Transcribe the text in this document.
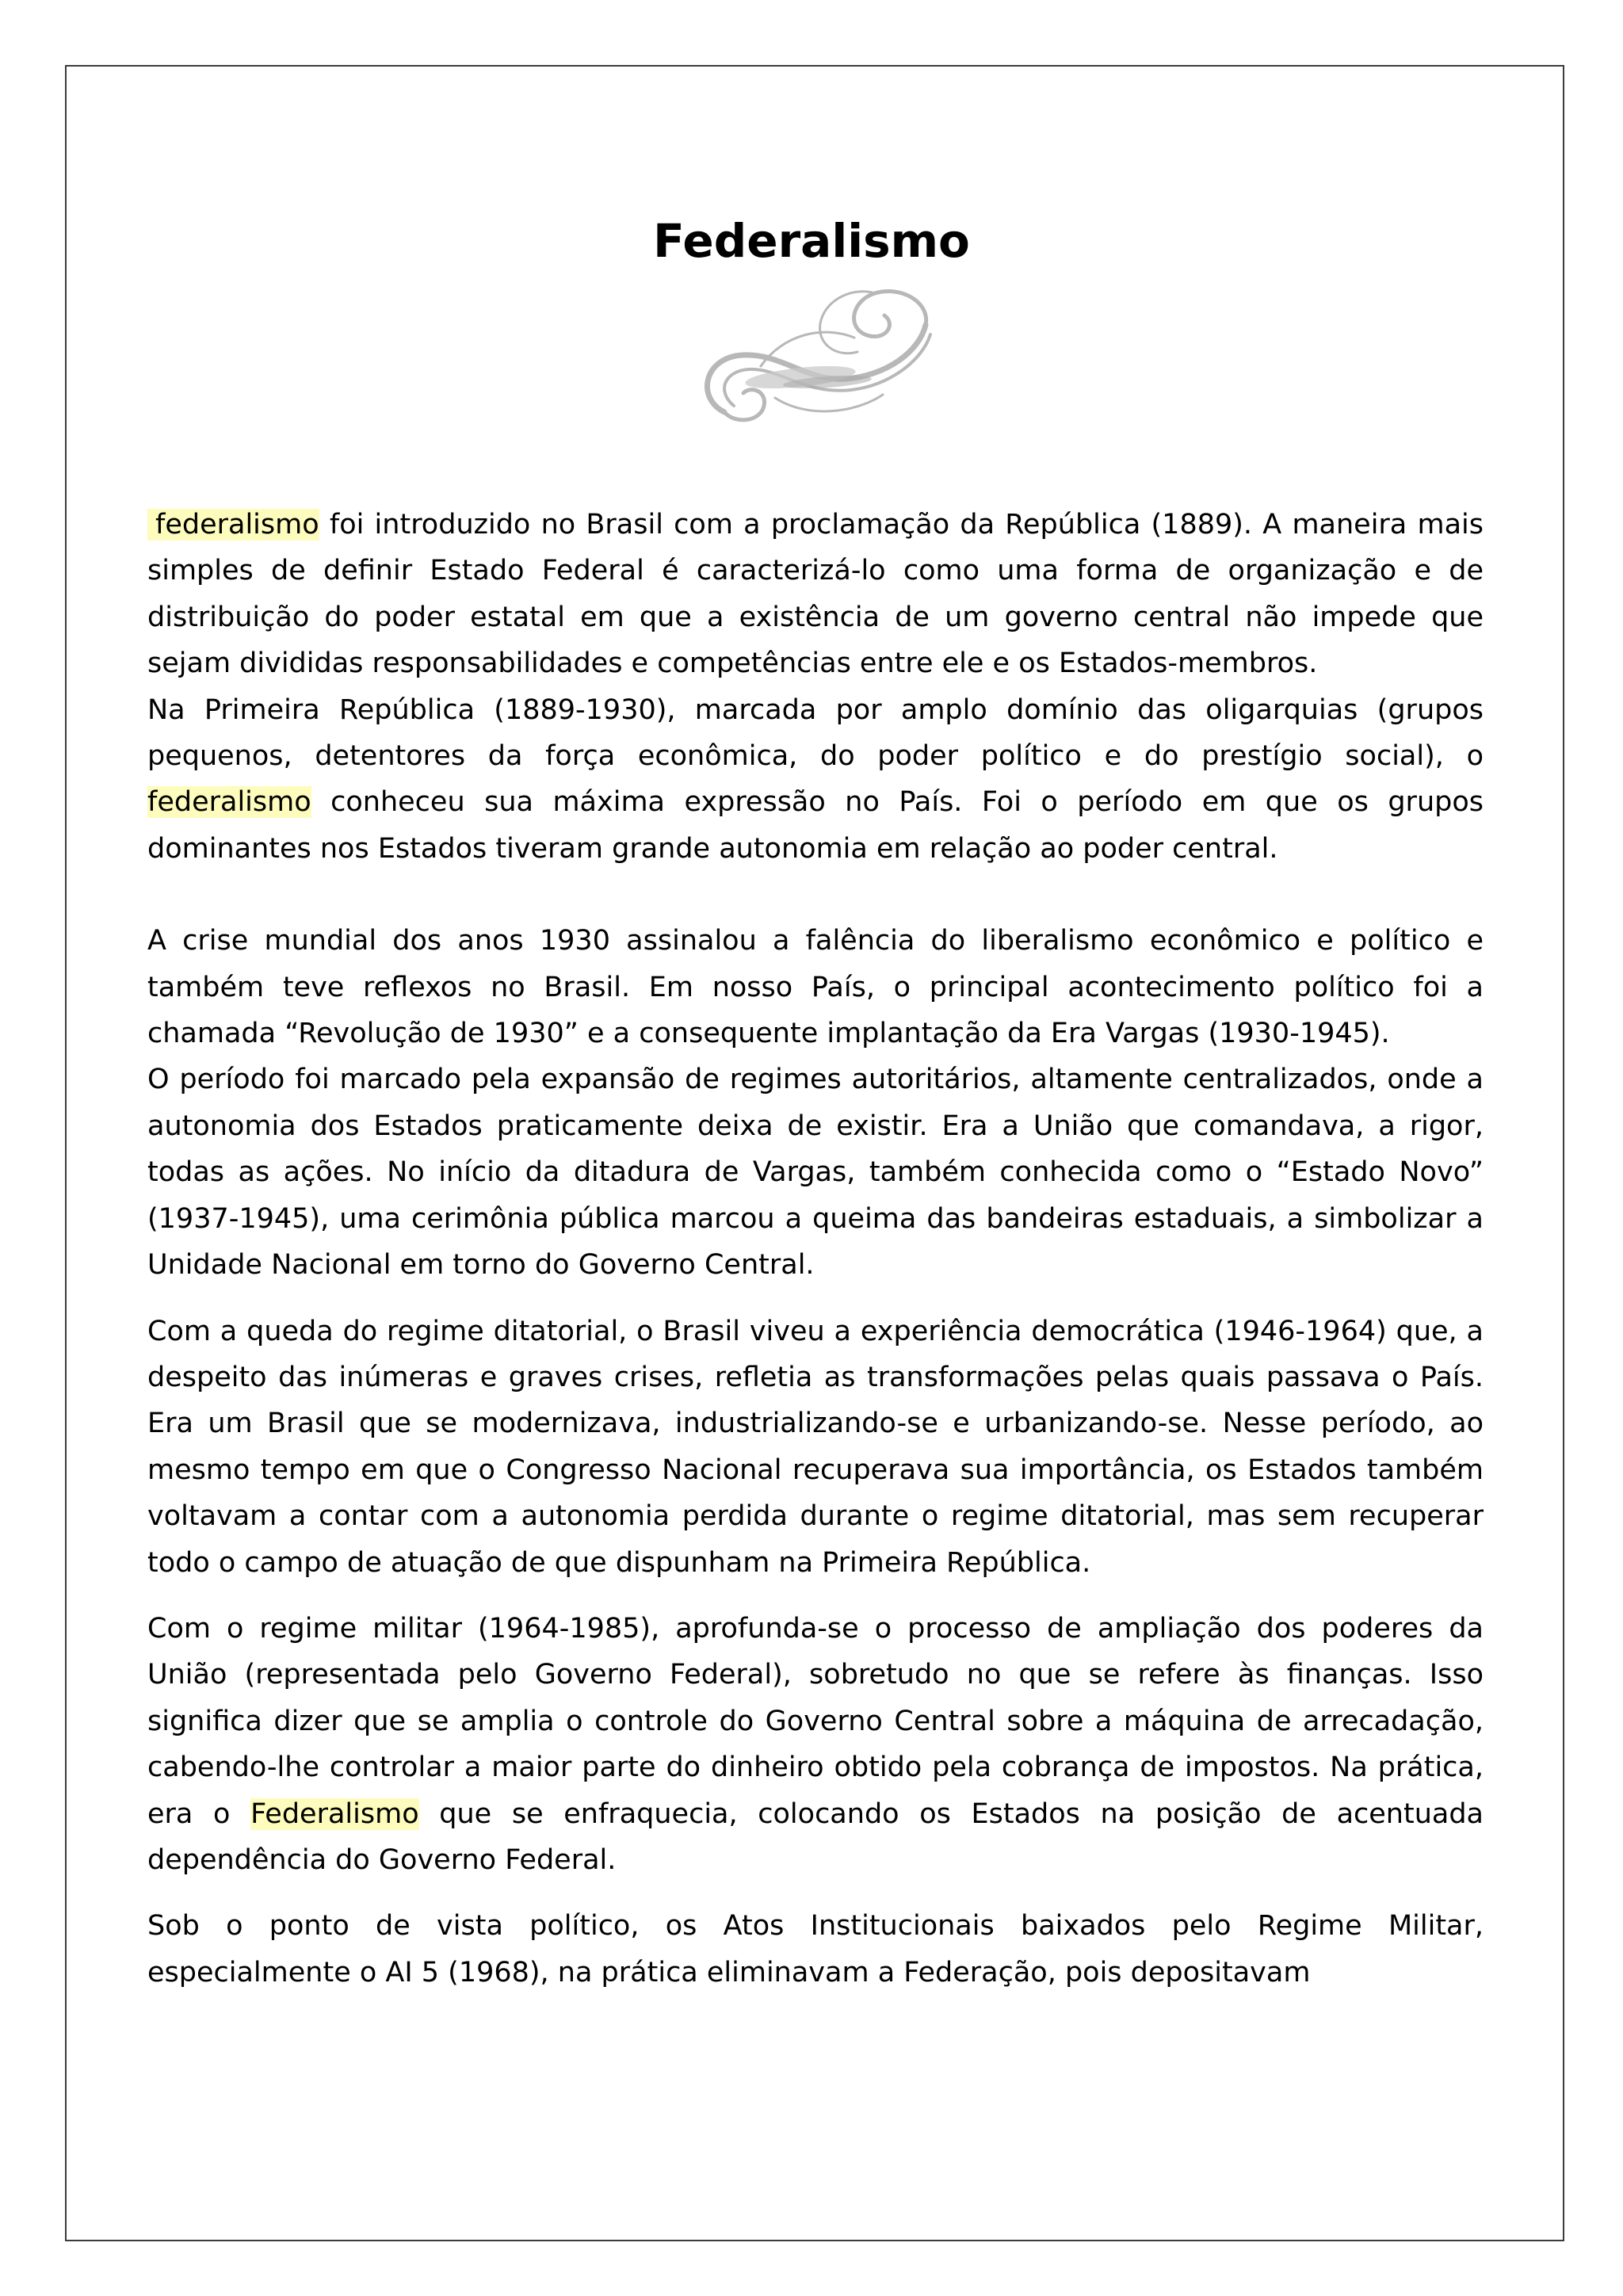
Federalismo

federalismo foi introduzido no Brasil com a proclamação da República (1889). A maneira mais simples de definir Estado Federal é caracterizá-lo como uma forma de organização e de distribuição do poder estatal em que a existência de um governo central não impede que sejam divididas responsabilidades e competências entre ele e os Estados-membros.

Na Primeira República (1889-1930), marcada por amplo domínio das oligarquias (grupos pequenos, detentores da força econômica, do poder político e do prestígio social), o federalismo conheceu sua máxima expressão no País. Foi o período em que os grupos dominantes nos Estados tiveram grande autonomia em relação ao poder central.

A crise mundial dos anos 1930 assinalou a falência do liberalismo econômico e político e também teve reflexos no Brasil. Em nosso País, o principal acontecimento político foi a chamada “Revolução de 1930” e a consequente implantação da Era Vargas (1930-1945).

O período foi marcado pela expansão de regimes autoritários, altamente centralizados, onde a autonomia dos Estados praticamente deixa de existir. Era a União que comandava, a rigor, todas as ações. No início da ditadura de Vargas, também conhecida como o “Estado Novo” (1937-1945), uma cerimônia pública marcou a queima das bandeiras estaduais, a simbolizar a Unidade Nacional em torno do Governo Central.

Com a queda do regime ditatorial, o Brasil viveu a experiência democrática (1946-1964) que, a despeito das inúmeras e graves crises, refletia as transformações pelas quais passava o País. Era um Brasil que se modernizava, industrializando-se e urbanizando-se. Nesse período, ao mesmo tempo em que o Congresso Nacional recuperava sua importância, os Estados também voltavam a contar com a autonomia perdida durante o regime ditatorial, mas sem recuperar todo o campo de atuação de que dispunham na Primeira República.

Com o regime militar (1964-1985), aprofunda-se o processo de ampliação dos poderes da União (representada pelo Governo Federal), sobretudo no que se refere às finanças. Isso significa dizer que se amplia o controle do Governo Central sobre a máquina de arrecadação, cabendo-lhe controlar a maior parte do dinheiro obtido pela cobrança de impostos. Na prática, era o Federalismo que se enfraquecia, colocando os Estados na posição de acentuada dependência do Governo Federal.

Sob o ponto de vista político, os Atos Institucionais baixados pelo Regime Militar, especialmente o AI 5 (1968), na prática eliminavam a Federação, pois depositavam
